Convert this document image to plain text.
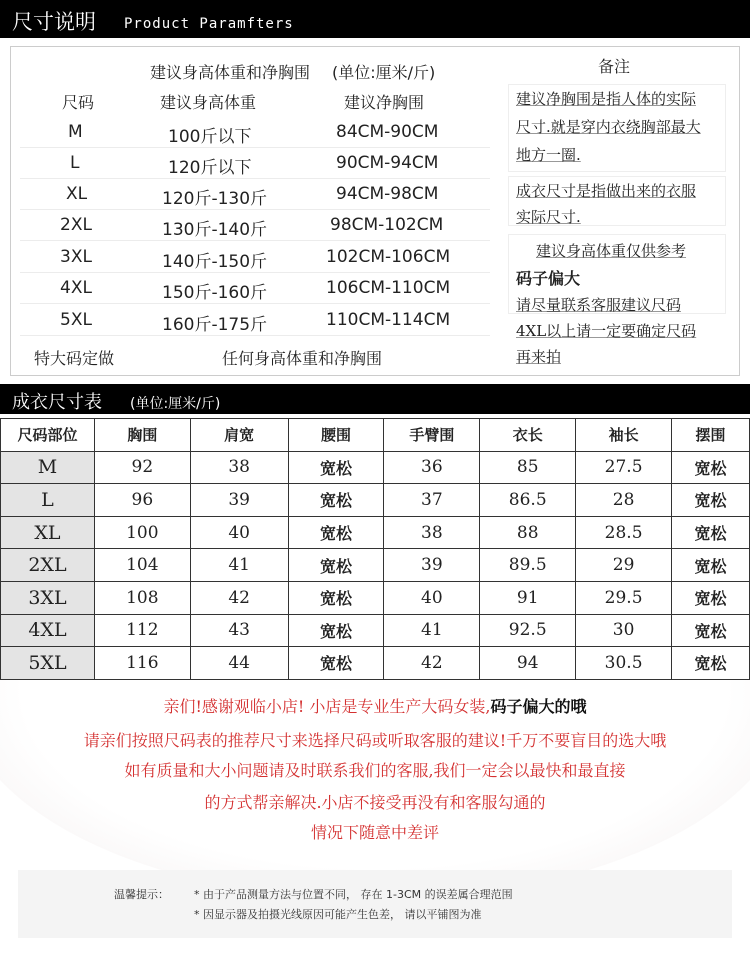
尺寸说明 Product Paramfters
建议身高体重和净胸围 (单位:厘米/斤)	备注
尺码	建议身高体重	建议净胸围
M	100斤以下	84CM-90CM
L	120斤以下	90CM-94CM
XL	120斤-130斤	94CM-98CM
2XL	130斤-140斤	98CM-102CM
3XL	140斤-150斤	102CM-106CM
4XL	150斤-160斤	106CM-110CM
5XL	160斤-175斤	110CM-114CM
特大码定做	任何身高体重和净胸围
建议净胸围是指人体的实际
尺寸.就是穿内衣绕胸部最大
地方一圈.
成衣尺寸是指做出来的衣服
实际尺寸.
建议身高体重仅供参考
码子偏大
请尽量联系客服建议尺码
4XL以上请一定要确定尺码
再来拍
成衣尺寸表 (单位:厘米/斤)
尺码部位	胸围	肩宽	腰围	手臂围	衣长	袖长	摆围
M	92	38	宽松	36	85	27.5	宽松
L	96	39	宽松	37	86.5	28	宽松
XL	100	40	宽松	38	88	28.5	宽松
2XL	104	41	宽松	39	89.5	29	宽松
3XL	108	42	宽松	40	91	29.5	宽松
4XL	112	43	宽松	41	92.5	30	宽松
5XL	116	44	宽松	42	94	30.5	宽松
亲们!感谢观临小店! 小店是专业生产大码女装,码子偏大的哦
请亲们按照尺码表的推荐尺寸来选择尺码或听取客服的建议!千万不要盲目的选大哦
如有质量和大小问题请及时联系我们的客服,我们一定会以最快和最直接
的方式帮亲解决.小店不接受再没有和客服勾通的
情况下随意中差评
温馨提示： * 由于产品测量方法与位置不同， 存在 1-3CM 的误差属合理范围
* 因显示器及拍摄光线原因可能产生色差， 请以平铺图为准
